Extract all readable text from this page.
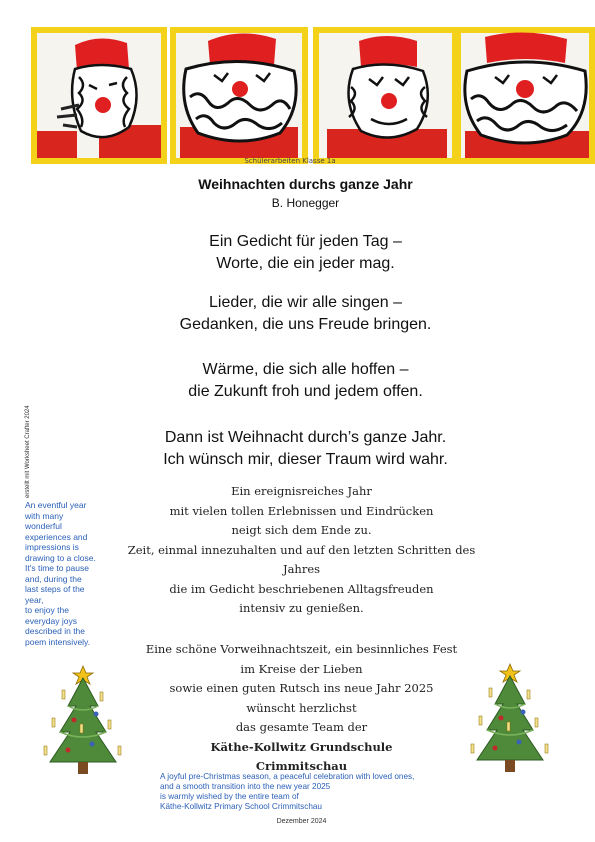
Schülerarbeiten Klasse 1a
Weihnachten durchs ganze Jahr
B. Honegger
Ein Gedicht für jeden Tag –
Worte, die ein jeder mag.
Lieder, die wir alle singen –
Gedanken, die uns Freude bringen.
Wärme, die sich alle hoffen –
die Zukunft froh und jedem offen.
Dann ist Weihnacht durch’s ganze Jahr.
Ich wünsch mir, dieser Traum wird wahr.
erstellt mit Worksheet Crafter 2024
An eventful year
with many
wonderful
experiences and
impressions is
drawing to a close.
It's time to pause
and, during the
last steps of the
year,
to enjoy the
everyday joys
described in the
poem intensively.
Ein ereignisreiches Jahr
mit vielen tollen Erlebnissen und Eindrücken
neigt sich dem Ende zu.
Zeit, einmal innezuhalten und auf den letzten Schritten des
Jahres
die im Gedicht beschriebenen Alltagsfreuden
intensiv zu genießen.
Eine schöne Vorweihnachtszeit, ein besinnliches Fest
im Kreise der Lieben
sowie einen guten Rutsch ins neue Jahr 2025
wünscht herzlichst
das gesamte Team der
Käthe-Kollwitz Grundschule
Crimmitschau
A joyful pre-Christmas season, a peaceful celebration with loved ones,
and a smooth transition into the new year 2025
is warmly wished by the entire team of
Käthe-Kollwitz Primary School Crimmitschau
Dezember 2024
